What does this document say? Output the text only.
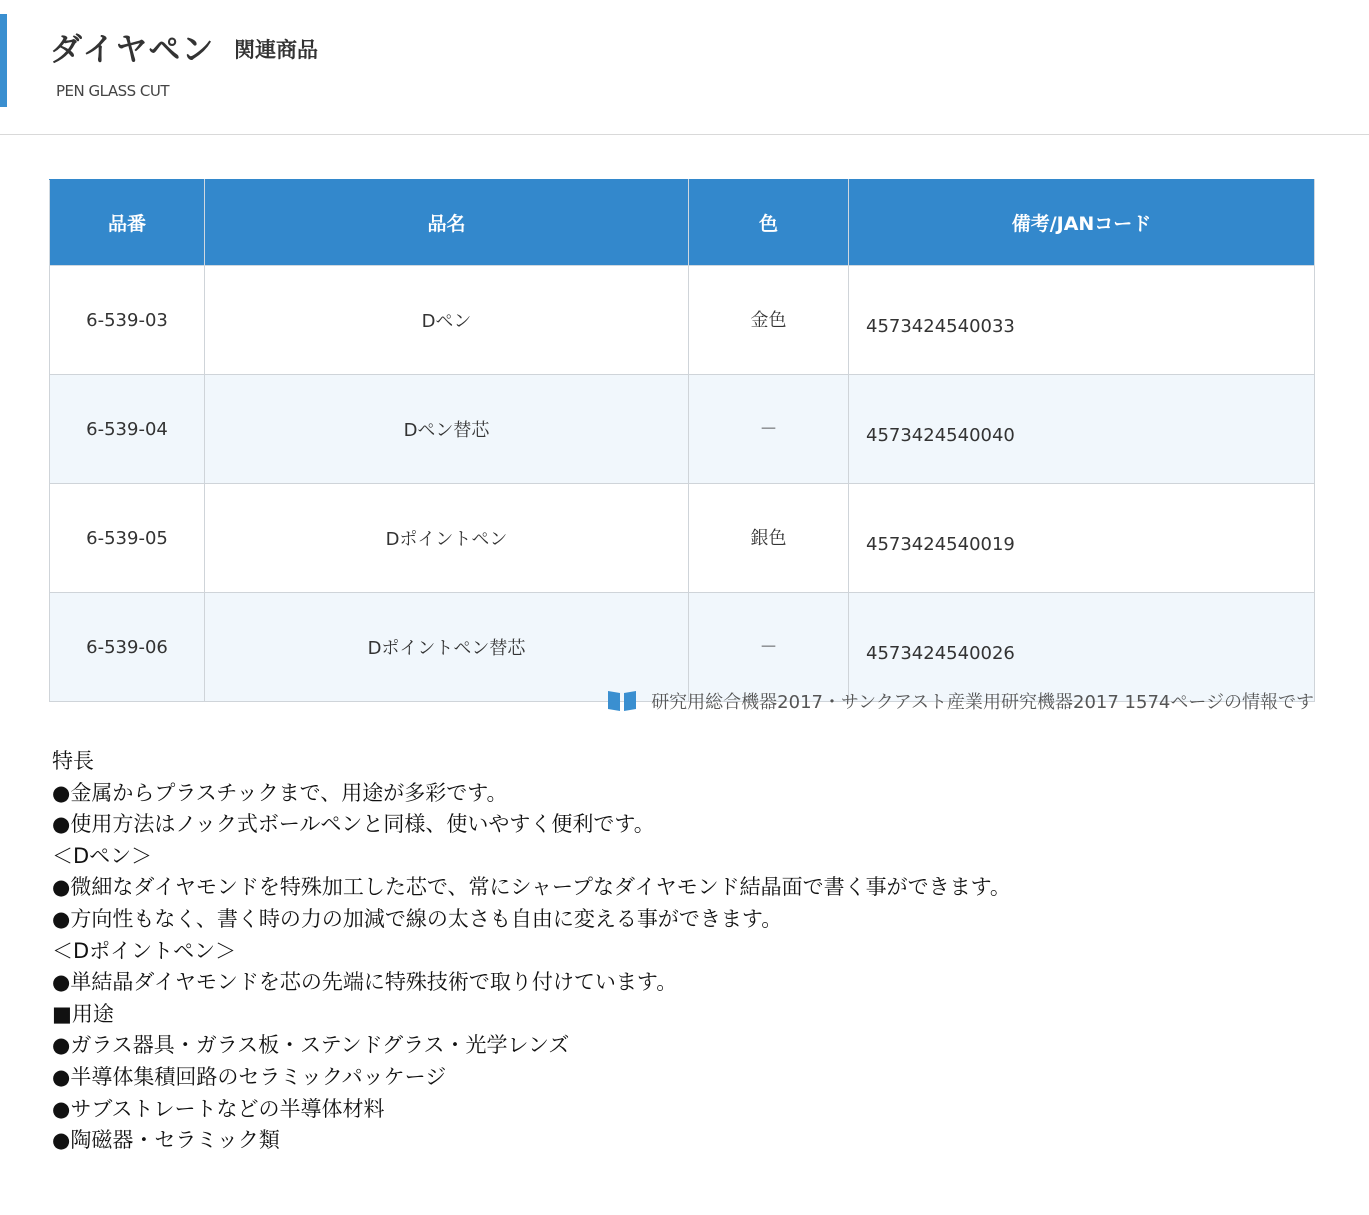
ダイヤペン 関連商品
PEN GLASS CUT
品番	品名	色	備考/JANコード
6-539-03	Dペン	金色	4573424540033
6-539-04	Dペン替芯	－	4573424540040
6-539-05	Dポイントペン	銀色	4573424540019
6-539-06	Dポイントペン替芯	－	4573424540026
研究用総合機器2017・サンクアスト産業用研究機器2017 1574ページの情報です
特長
●金属からプラスチックまで、用途が多彩です。
●使用方法はノック式ボールペンと同様、使いやすく便利です。
＜Dペン＞
●微細なダイヤモンドを特殊加工した芯で、常にシャープなダイヤモンド結晶面で書く事ができます。
●方向性もなく、書く時の力の加減で線の太さも自由に変える事ができます。
＜Dポイントペン＞
●単結晶ダイヤモンドを芯の先端に特殊技術で取り付けています。
■用途
●ガラス器具・ガラス板・ステンドグラス・光学レンズ
●半導体集積回路のセラミックパッケージ
●サブストレートなどの半導体材料
●陶磁器・セラミック類
